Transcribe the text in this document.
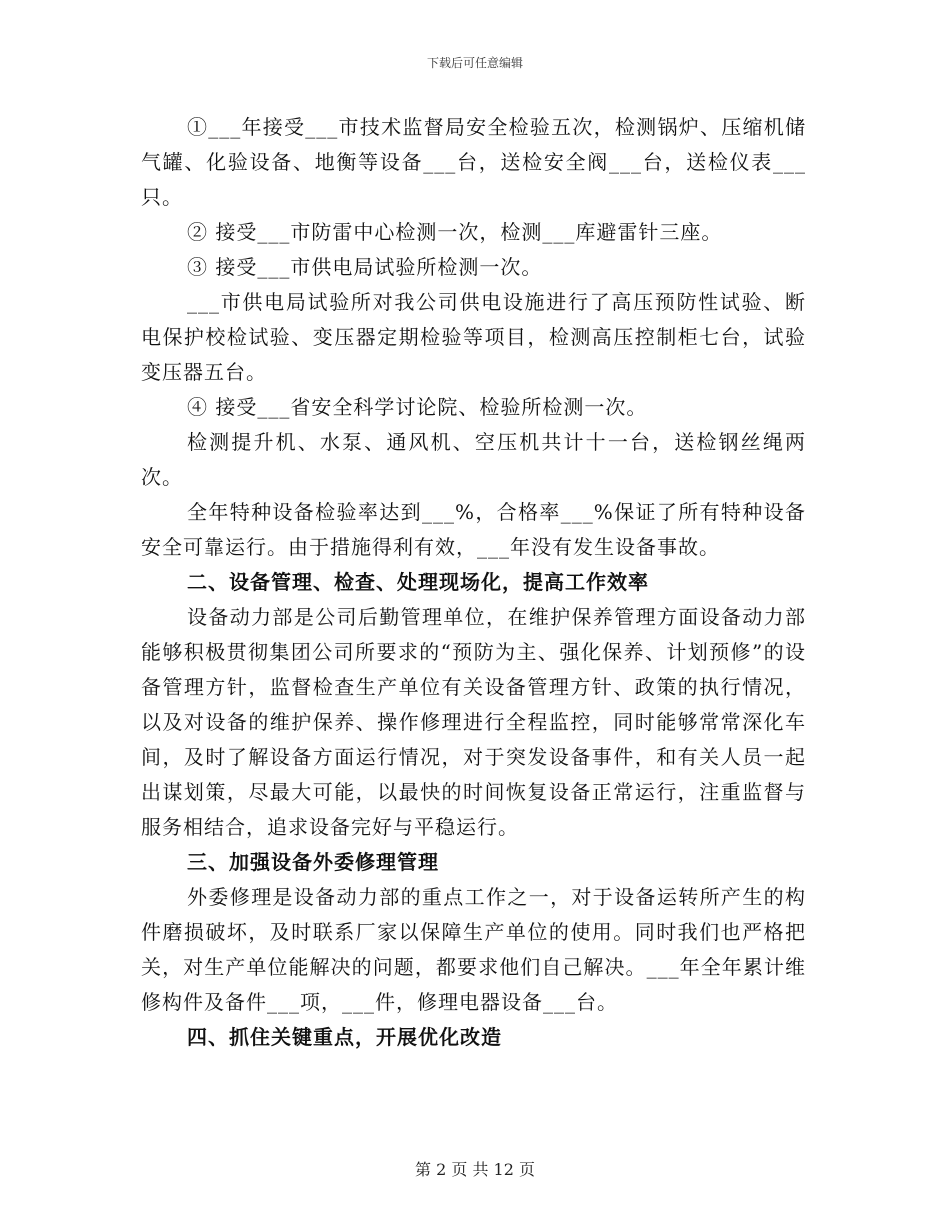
下载后可任意编辑

①___年接受___市技术监督局安全检验五次，检测锅炉、压缩机储气罐、化验设备、地衡等设备___台，送检安全阀___台，送检仪表___只。

② 接受___市防雷中心检测一次，检测___库避雷针三座。

③ 接受___市供电局试验所检测一次。

___市供电局试验所对我公司供电设施进行了高压预防性试验、断电保护校检试验、变压器定期检验等项目，检测高压控制柜七台，试验变压器五台。

④ 接受___省安全科学讨论院、检验所检测一次。

检测提升机、水泵、通风机、空压机共计十一台，送检钢丝绳两次。

全年特种设备检验率达到___%，合格率___%保证了所有特种设备安全可靠运行。由于措施得利有效，___年没有发生设备事故。

二、设备管理、检查、处理现场化，提高工作效率

设备动力部是公司后勤管理单位，在维护保养管理方面设备动力部能够积极贯彻集团公司所要求的“预防为主、强化保养、计划预修”的设备管理方针，监督检查生产单位有关设备管理方针、政策的执行情况，以及对设备的维护保养、操作修理进行全程监控，同时能够常常深化车间，及时了解设备方面运行情况，对于突发设备事件，和有关人员一起出谋划策，尽最大可能，以最快的时间恢复设备正常运行，注重监督与服务相结合，追求设备完好与平稳运行。

三、加强设备外委修理管理

外委修理是设备动力部的重点工作之一，对于设备运转所产生的构件磨损破坏，及时联系厂家以保障生产单位的使用。同时我们也严格把关，对生产单位能解决的问题，都要求他们自己解决。___年全年累计维修构件及备件___项，___件，修理电器设备___台。

四、抓住关键重点，开展优化改造

第 2 页 共 12 页
